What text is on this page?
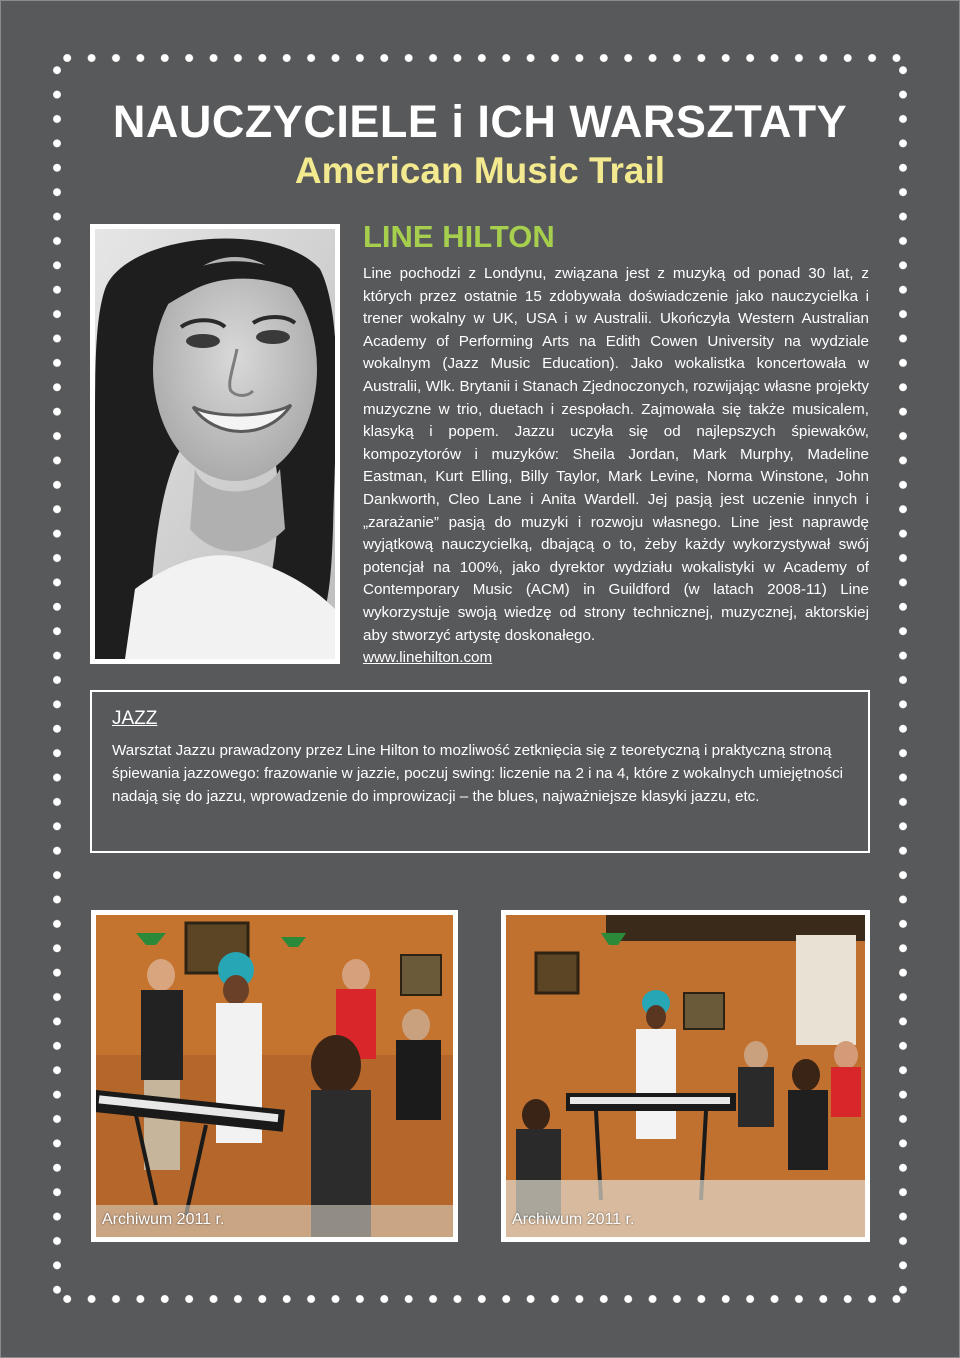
NAUCZYCIELE i ICH WARSZTATY
American Music Trail
LINE HILTON
Line pochodzi z Londynu, związana jest z muzyką od ponad 30 lat, z których przez ostatnie 15 zdobywała doświadczenie jako nauczycielka i trener wokalny w UK, USA i w Australii. Ukończyła Western Australian Academy of Performing Arts na Edith Cowen University na wydziale wokalnym (Jazz Music Education). Jako wokalistka koncertowała w Australii, Wlk. Brytanii i Stanach Zjednoczonych, rozwijając własne projekty muzyczne w trio, duetach i zespołach. Zajmowała się także musicalem, klasyką i popem. Jazzu uczyła się od najlepszych śpiewaków, kompozytorów i muzyków: Sheila Jordan, Mark Murphy, Madeline Eastman, Kurt Elling, Billy Taylor, Mark Levine, Norma Winstone, John Dankworth, Cleo Lane i Anita Wardell. Jej pasją jest uczenie innych i „zarażanie” pasją do muzyki i rozwoju własnego. Line jest naprawdę wyjątkową nauczycielką, dbającą o to, żeby każdy wykorzystywał swój potencjał na 100%, jako dyrektor wydziału wokalistyki w Academy of Contemporary Music (ACM) in Guildford (w latach 2008-11) Line wykorzystuje swoją wiedzę od strony technicznej, muzycznej, aktorskiej aby stworzyć artystę doskonałego.
www.linehilton.com
JAZZ
Warsztat Jazzu prawadzony przez Line Hilton to mozliwość zetknięcia się z teoretyczną i praktyczną stroną śpiewania jazzowego: frazowanie w jazzie, poczuj swing: liczenie na 2 i na 4, które z wokalnych umiejętności nadają się do jazzu, wprowadzenie do improwizacji – the blues, najważniejsze klasyki jazzu, etc.
Archiwum 2011 r.	Archiwum 2011 r.
